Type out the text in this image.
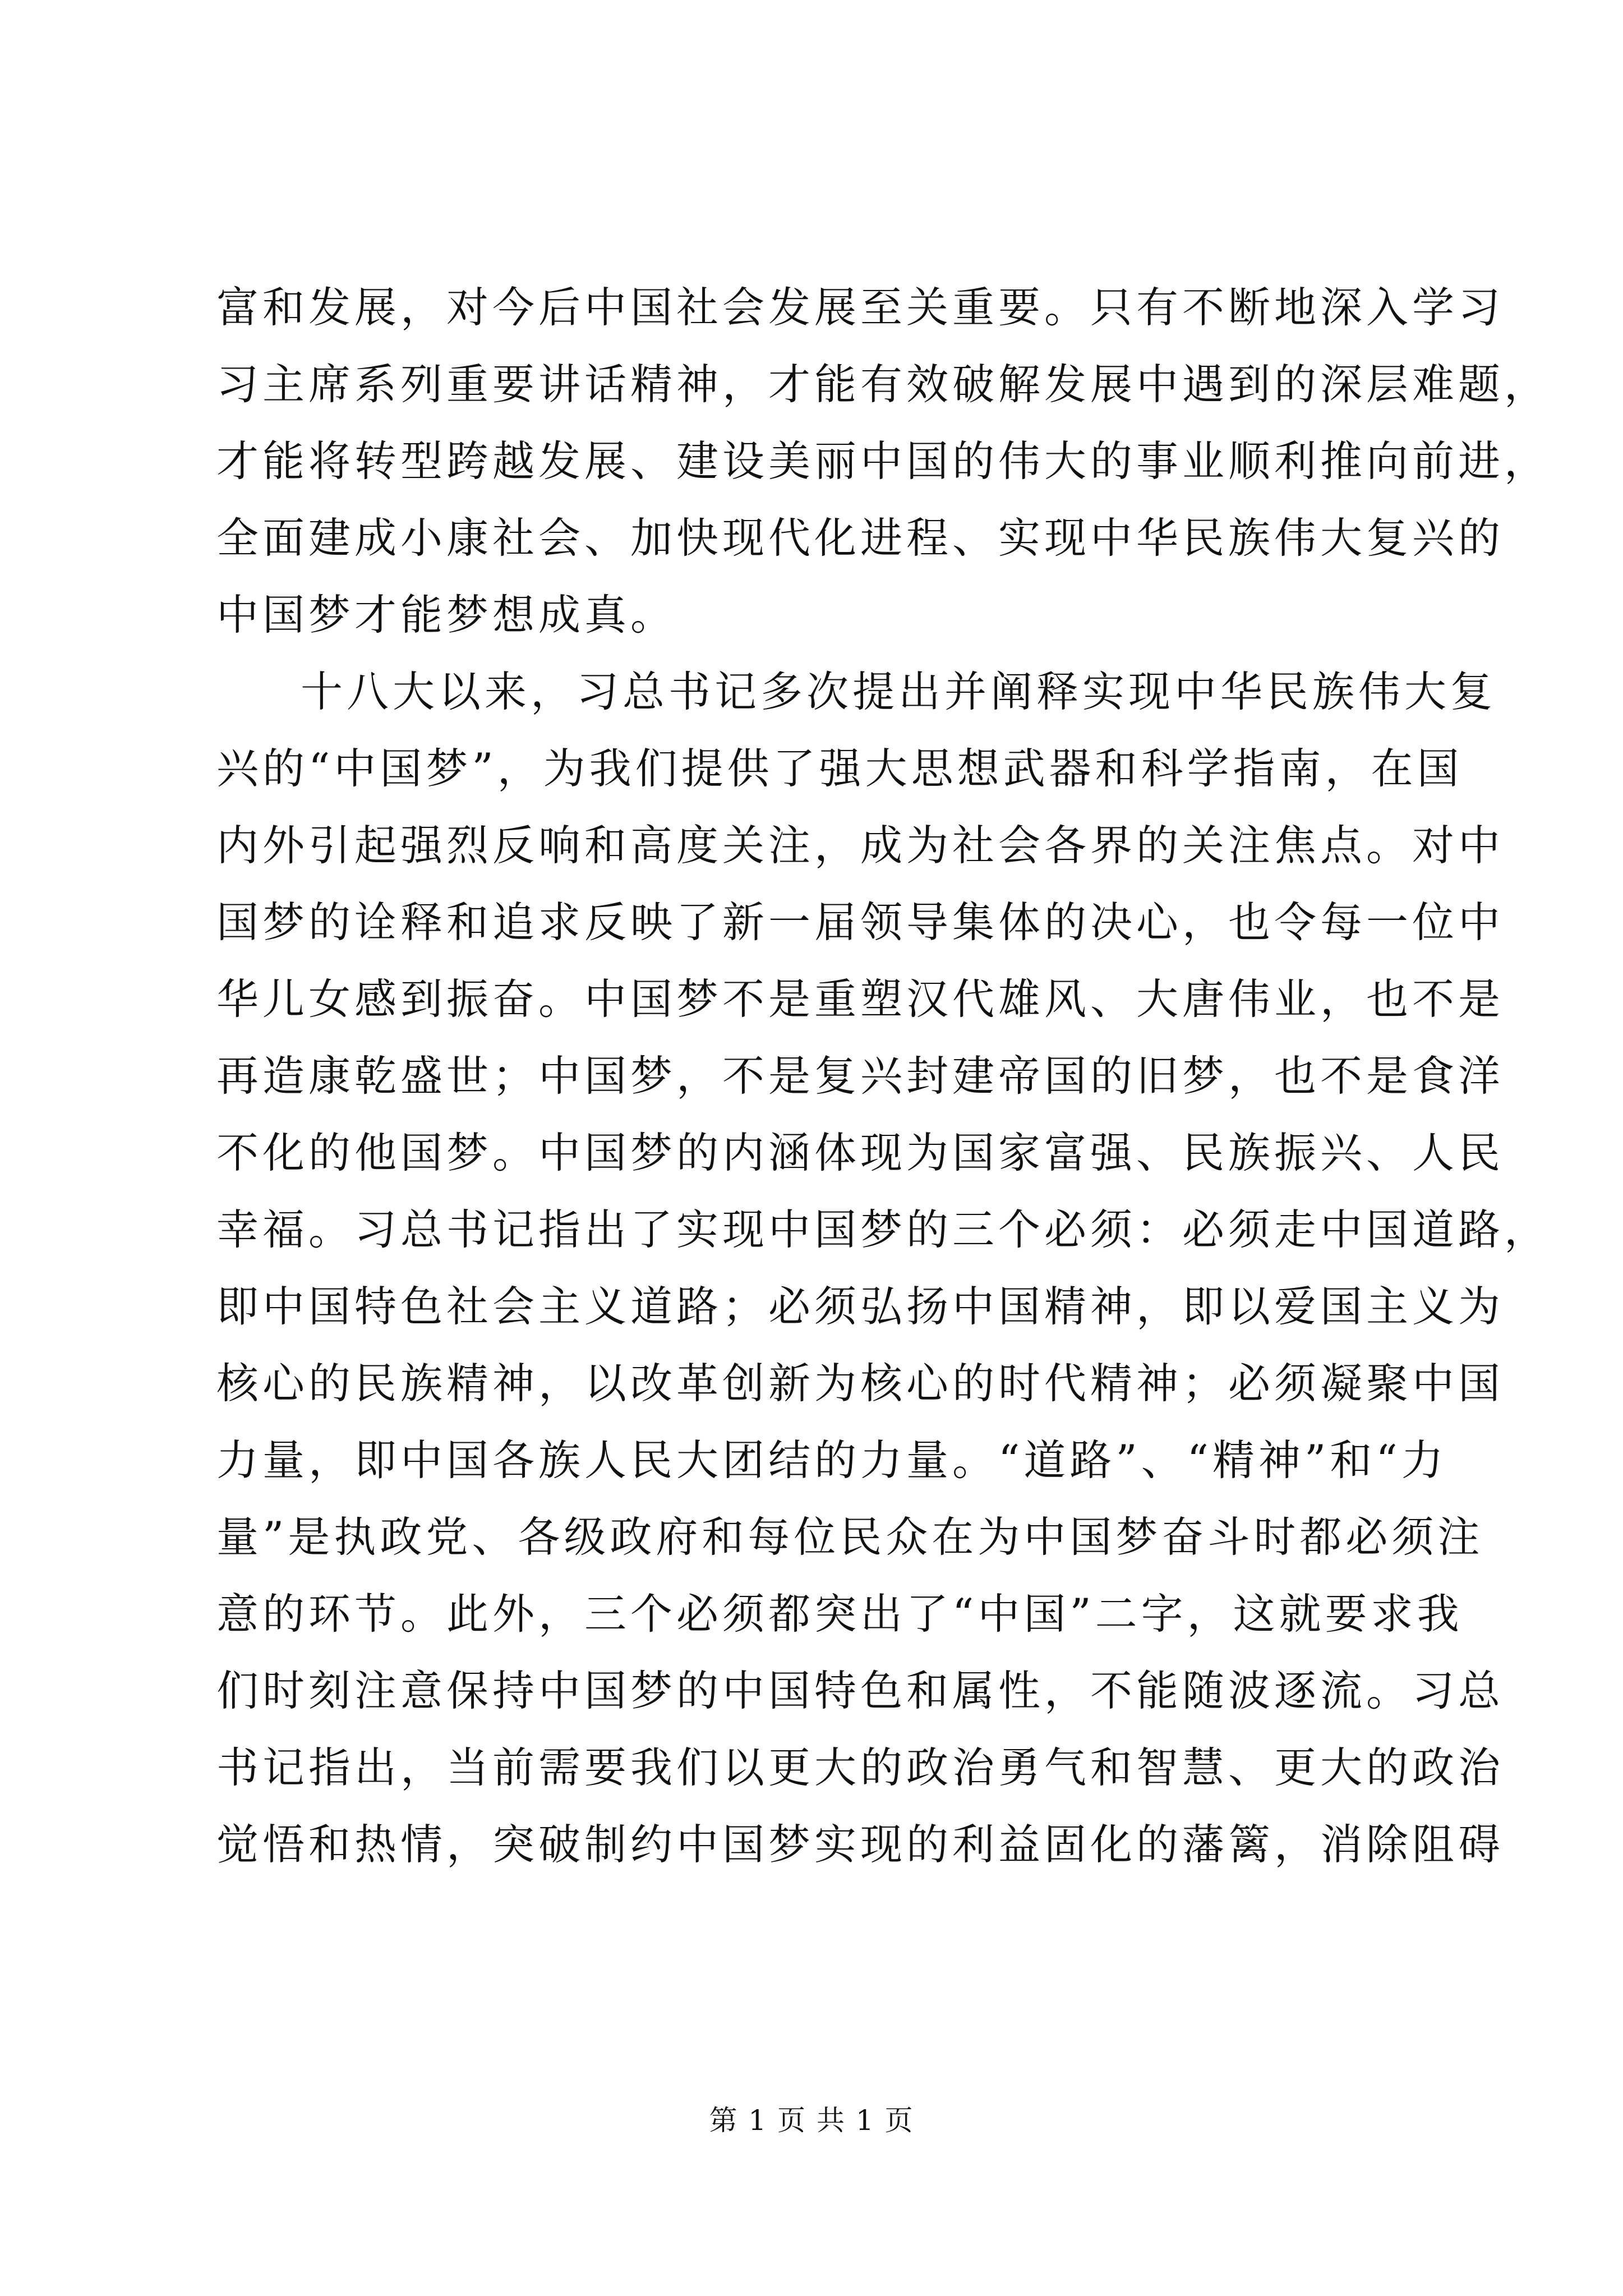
富和发展，对今后中国社会发展至关重要。只有不断地深入学习
习主席系列重要讲话精神，才能有效破解发展中遇到的深层难题，
才能将转型跨越发展、建设美丽中国的伟大的事业顺利推向前进，
全面建成小康社会、加快现代化进程、实现中华民族伟大复兴的
中国梦才能梦想成真。
十八大以来，习总书记多次提出并阐释实现中华民族伟大复
兴的“中国梦”，为我们提供了强大思想武器和科学指南，在国
内外引起强烈反响和高度关注，成为社会各界的关注焦点。对中
国梦的诠释和追求反映了新一届领导集体的决心，也令每一位中
华儿女感到振奋。中国梦不是重塑汉代雄风、大唐伟业，也不是
再造康乾盛世；中国梦，不是复兴封建帝国的旧梦，也不是食洋
不化的他国梦。中国梦的内涵体现为国家富强、民族振兴、人民
幸福。习总书记指出了实现中国梦的三个必须：必须走中国道路，
即中国特色社会主义道路；必须弘扬中国精神，即以爱国主义为
核心的民族精神，以改革创新为核心的时代精神；必须凝聚中国
力量，即中国各族人民大团结的力量。“道路”、“精神”和“力
量”是执政党、各级政府和每位民众在为中国梦奋斗时都必须注
意的环节。此外，三个必须都突出了“中国”二字，这就要求我
们时刻注意保持中国梦的中国特色和属性，不能随波逐流。习总
书记指出，当前需要我们以更大的政治勇气和智慧、更大的政治
觉悟和热情，突破制约中国梦实现的利益固化的藩篱，消除阻碍
第 1 页 共 1 页
